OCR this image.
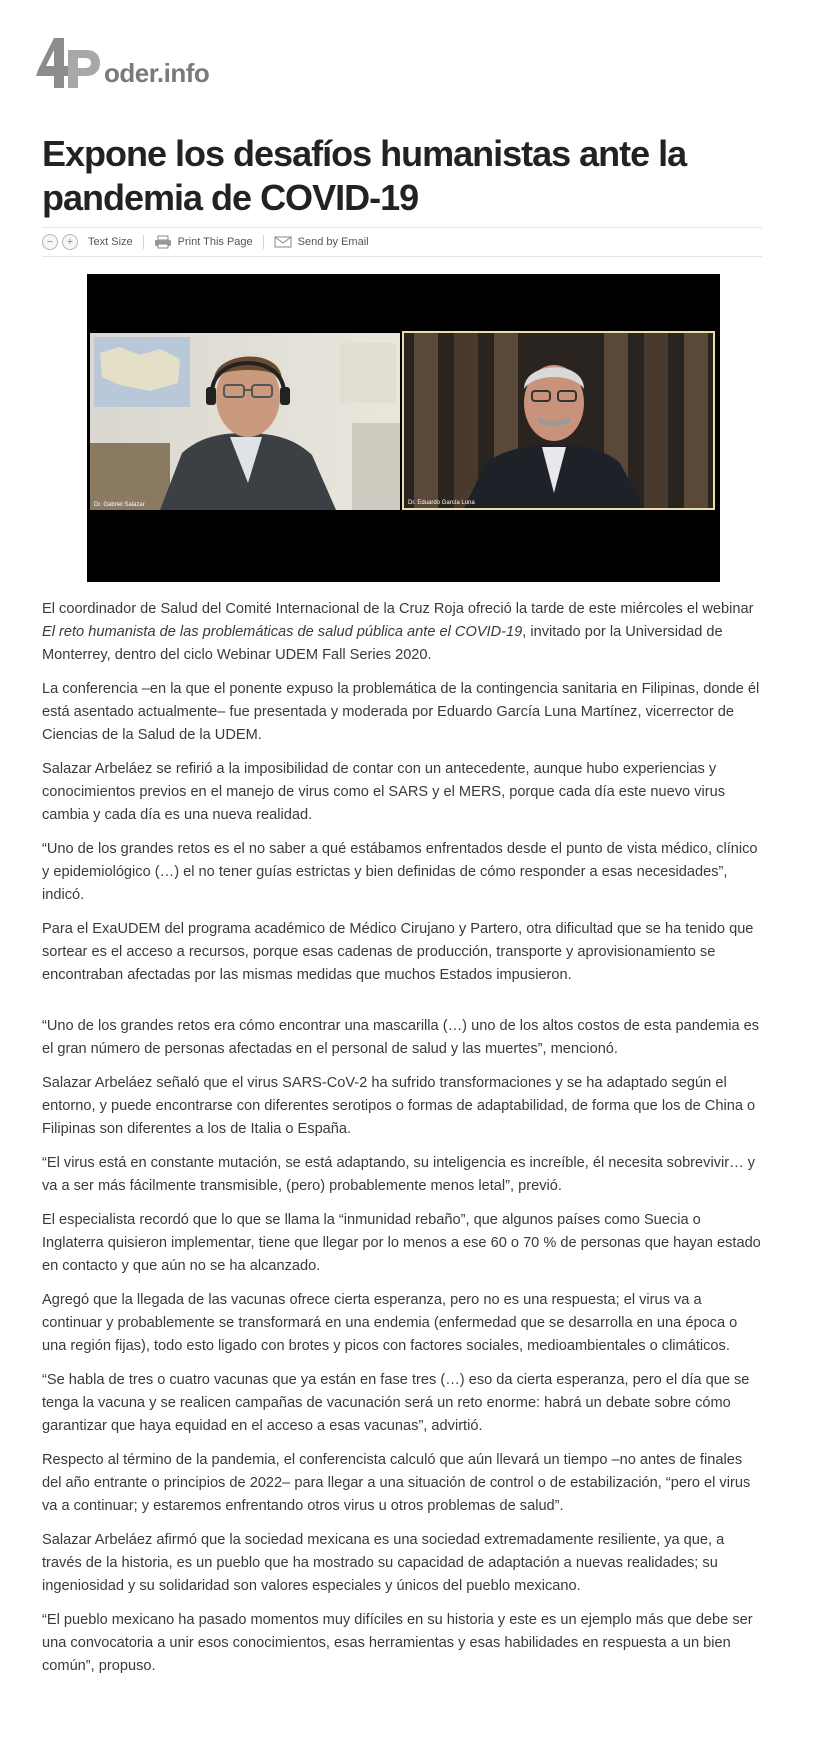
oder.info
Expone los desafíos humanistas ante la pandemia de COVID-19
− + Text Size	Print This Page	Send by Email
Dr. Gabriel Salazar	Dr. Eduardo García Luna

El coordinador de Salud del Comité Internacional de la Cruz Roja ofreció la tarde de este miércoles el webinar El reto humanista de las problemáticas de salud pública ante el COVID-19, invitado por la Universidad de Monterrey, dentro del ciclo Webinar UDEM Fall Series 2020.

La conferencia –en la que el ponente expuso la problemática de la contingencia sanitaria en Filipinas, donde él está asentado actualmente– fue presentada y moderada por Eduardo García Luna Martínez, vicerrector de Ciencias de la Salud de la UDEM.

Salazar Arbeláez se refirió a la imposibilidad de contar con un antecedente, aunque hubo experiencias y conocimientos previos en el manejo de virus como el SARS y el MERS, porque cada día este nuevo virus cambia y cada día es una nueva realidad.

“Uno de los grandes retos es el no saber a qué estábamos enfrentados desde el punto de vista médico, clínico y epidemiológico (…) el no tener guías estrictas y bien definidas de cómo responder a esas necesidades”, indicó.

Para el ExaUDEM del programa académico de Médico Cirujano y Partero, otra dificultad que se ha tenido que sortear es el acceso a recursos, porque esas cadenas de producción, transporte y aprovisionamiento se encontraban afectadas por las mismas medidas que muchos Estados impusieron.

“Uno de los grandes retos era cómo encontrar una mascarilla (…) uno de los altos costos de esta pandemia es el gran número de personas afectadas en el personal de salud y las muertes”, mencionó.

Salazar Arbeláez señaló que el virus SARS-CoV-2 ha sufrido transformaciones y se ha adaptado según el entorno, y puede encontrarse con diferentes serotipos o formas de adaptabilidad, de forma que los de China o Filipinas son diferentes a los de Italia o España.

“El virus está en constante mutación, se está adaptando, su inteligencia es increíble, él necesita sobrevivir… y va a ser más fácilmente transmisible, (pero) probablemente menos letal”, previó.

El especialista recordó que lo que se llama la “inmunidad rebaño”, que algunos países como Suecia o Inglaterra quisieron implementar, tiene que llegar por lo menos a ese 60 o 70 % de personas que hayan estado en contacto y que aún no se ha alcanzado.

Agregó que la llegada de las vacunas ofrece cierta esperanza, pero no es una respuesta; el virus va a continuar y probablemente se transformará en una endemia (enfermedad que se desarrolla en una época o una región fijas), todo esto ligado con brotes y picos con factores sociales, medioambientales o climáticos.

“Se habla de tres o cuatro vacunas que ya están en fase tres (…) eso da cierta esperanza, pero el día que se tenga la vacuna y se realicen campañas de vacunación será un reto enorme: habrá un debate sobre cómo garantizar que haya equidad en el acceso a esas vacunas”, advirtió.

Respecto al término de la pandemia, el conferencista calculó que aún llevará un tiempo –no antes de finales del año entrante o principios de 2022– para llegar a una situación de control o de estabilización, “pero el virus va a continuar; y estaremos enfrentando otros virus u otros problemas de salud”.

Salazar Arbeláez afirmó que la sociedad mexicana es una sociedad extremadamente resiliente, ya que, a través de la historia, es un pueblo que ha mostrado su capacidad de adaptación a nuevas realidades; su ingeniosidad y su solidaridad son valores especiales y únicos del pueblo mexicano.

“El pueblo mexicano ha pasado momentos muy difíciles en su historia y este es un ejemplo más que debe ser una convocatoria a unir esos conocimientos, esas herramientas y esas habilidades en respuesta a un bien común”, propuso.
